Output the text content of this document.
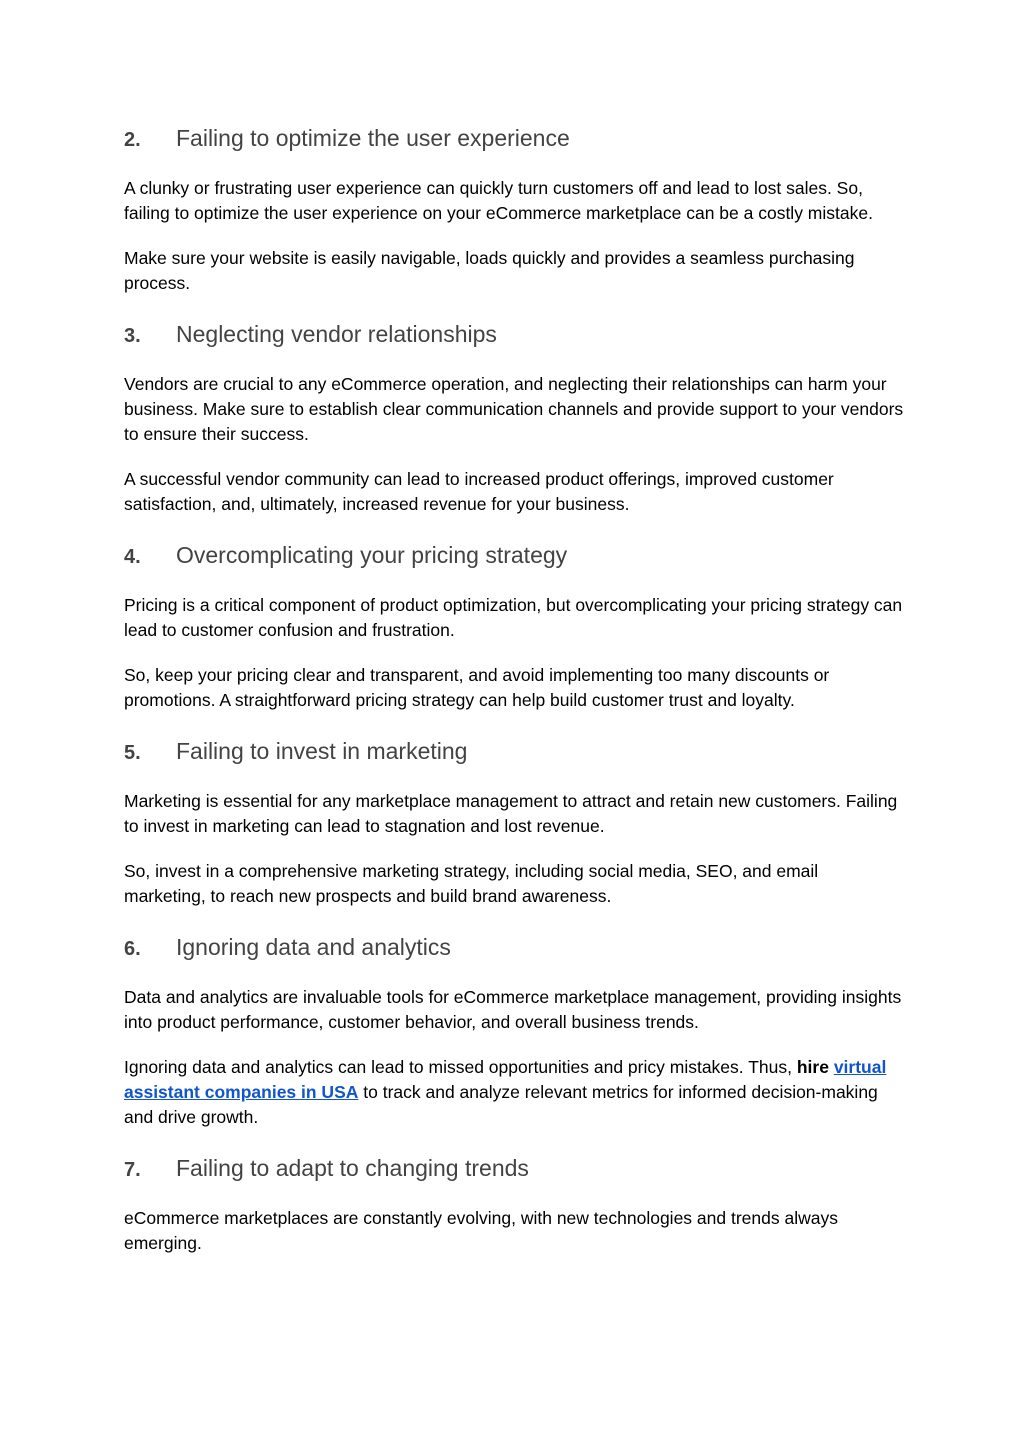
2.	Failing to optimize the user experience

A clunky or frustrating user experience can quickly turn customers off and lead to lost sales. So, failing to optimize the user experience on your eCommerce marketplace can be a costly mistake.

Make sure your website is easily navigable, loads quickly and provides a seamless purchasing process.

3.	Neglecting vendor relationships

Vendors are crucial to any eCommerce operation, and neglecting their relationships can harm your business. Make sure to establish clear communication channels and provide support to your vendors to ensure their success.

A successful vendor community can lead to increased product offerings, improved customer satisfaction, and, ultimately, increased revenue for your business.

4.	Overcomplicating your pricing strategy

Pricing is a critical component of product optimization, but overcomplicating your pricing strategy can lead to customer confusion and frustration.

So, keep your pricing clear and transparent, and avoid implementing too many discounts or promotions. A straightforward pricing strategy can help build customer trust and loyalty.

5.	Failing to invest in marketing

Marketing is essential for any marketplace management to attract and retain new customers. Failing to invest in marketing can lead to stagnation and lost revenue.

So, invest in a comprehensive marketing strategy, including social media, SEO, and email marketing, to reach new prospects and build brand awareness.

6.	Ignoring data and analytics

Data and analytics are invaluable tools for eCommerce marketplace management, providing insights into product performance, customer behavior, and overall business trends.

Ignoring data and analytics can lead to missed opportunities and pricy mistakes. Thus, hire virtual assistant companies in USA to track and analyze relevant metrics for informed decision-making and drive growth.

7.	Failing to adapt to changing trends

eCommerce marketplaces are constantly evolving, with new technologies and trends always emerging.
